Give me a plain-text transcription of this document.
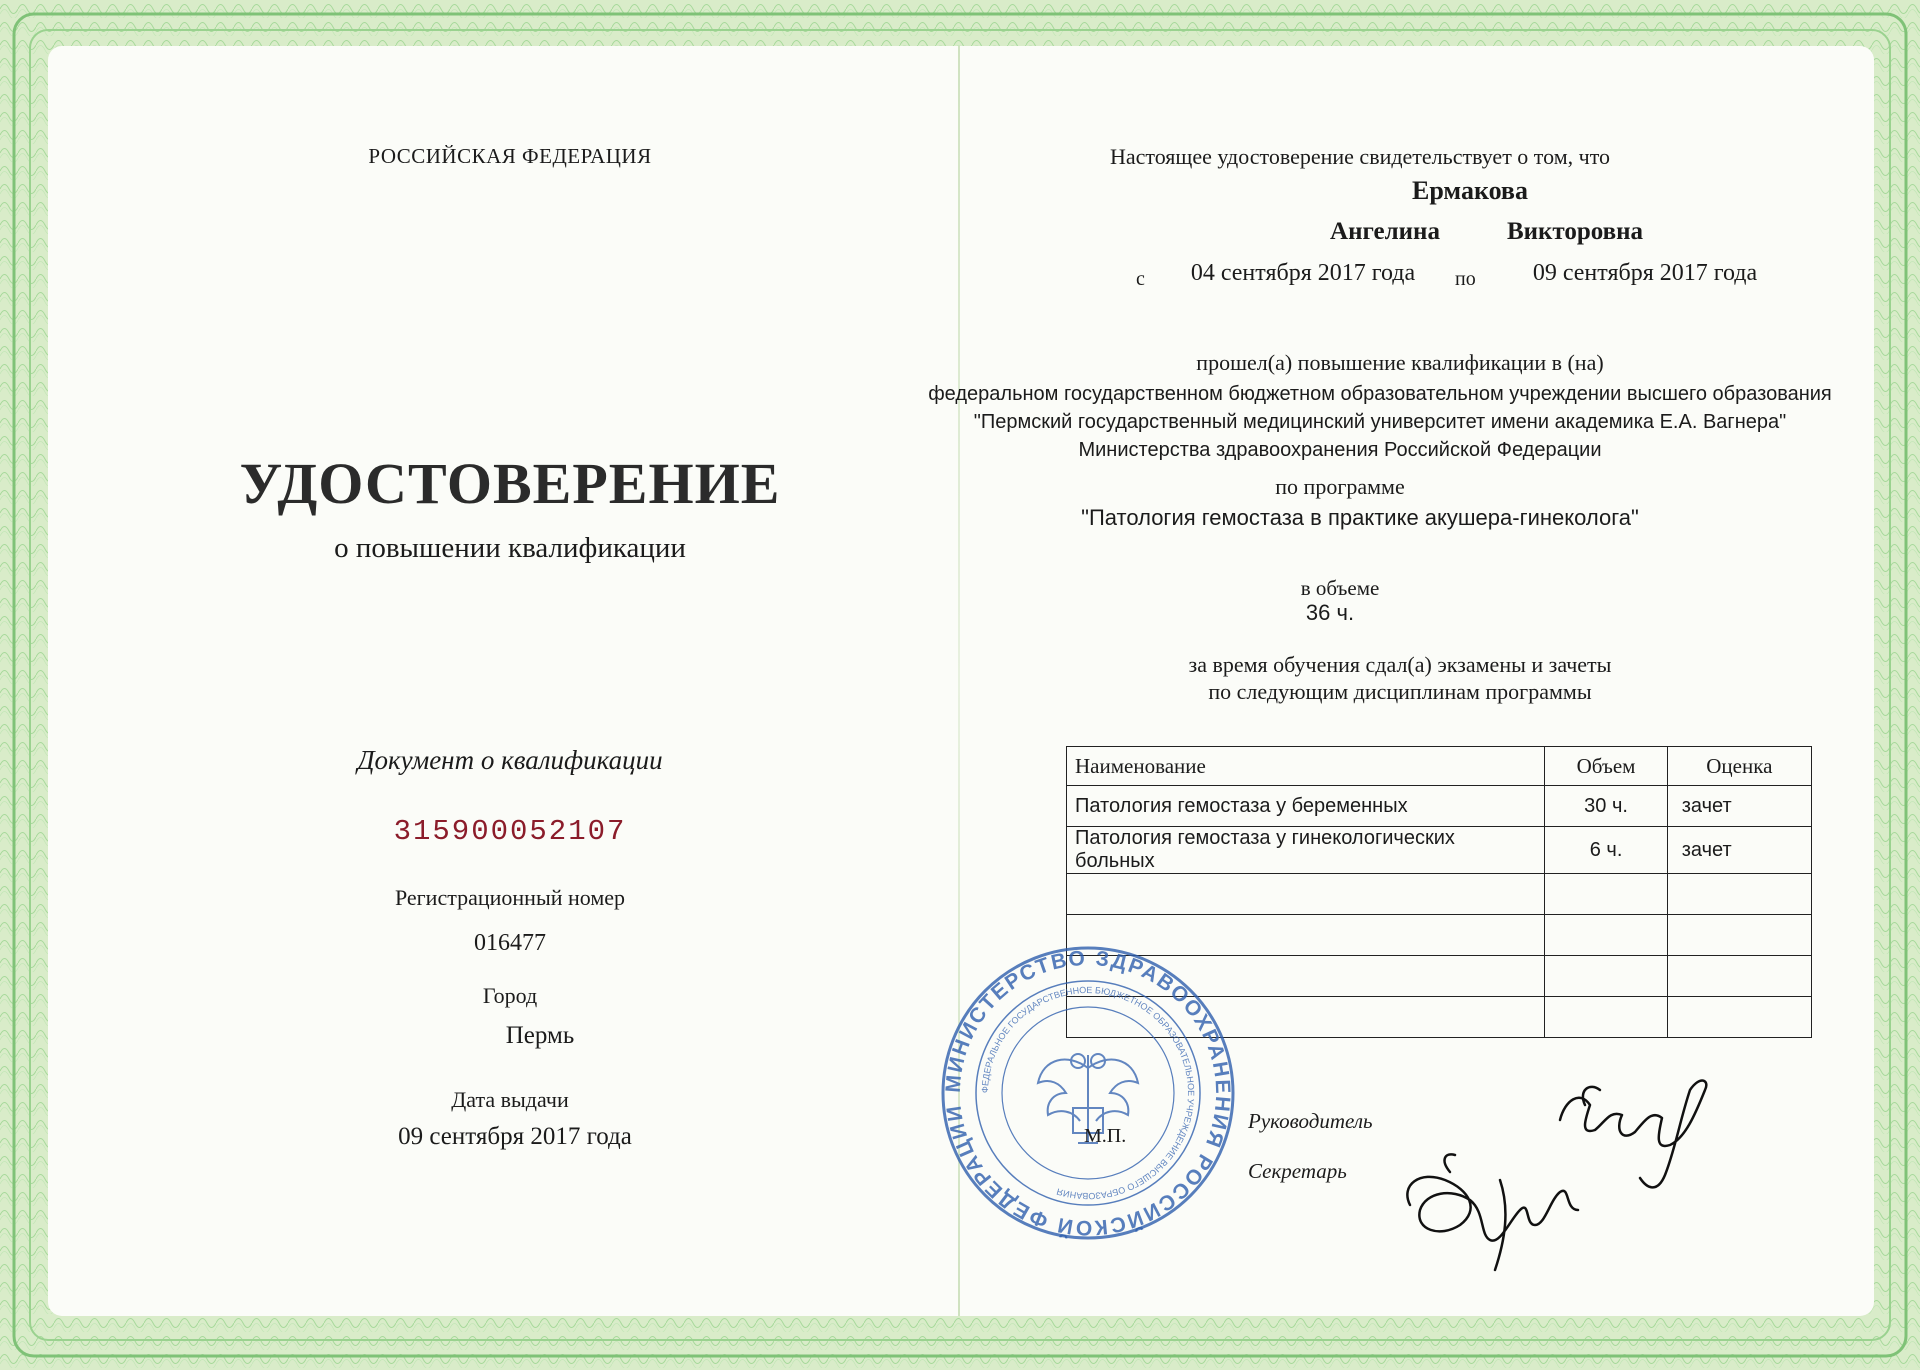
РОССИЙСКАЯ ФЕДЕРАЦИЯ
УДОСТОВЕРЕНИЕ
о повышении квалификации
Документ о квалификации
315900052107
Регистрационный номер
016477
Город
Пермь
Дата выдачи
09 сентября 2017 года
Настоящее удостоверение свидетельствует о том, что
Ермакова
Ангелина	Викторовна
с	04 сентября 2017 года	по	09 сентября 2017 года
прошел(а) повышение квалификации в (на)
федеральном государственном бюджетном образовательном учреждении высшего образования
"Пермский государственный медицинский университет имени академика Е.А. Вагнера"
Министерства здравоохранения Российской Федерации
по программе
"Патология гемостаза в практике акушера-гинеколога"
в объеме
36 ч.
за время обучения сдал(а) экзамены и зачеты
по следующим дисциплинам программы
Наименование	Объем	Оценка
Патология гемостаза у беременных	30 ч.	зачет
Патология гемостаза у гинекологических больных	6 ч.	зачет

МИНИСТЕРСТВО ЗДРАВООХРАНЕНИЯ РОССИЙСКОЙ ФЕДЕРАЦИИ
ФЕДЕРАЛЬНОЕ ГОСУДАРСТВЕННОЕ БЮДЖЕТНОЕ ОБРАЗОВАТЕЛЬНОЕ УЧРЕЖДЕНИЕ ВЫСШЕГО ОБРАЗОВАНИЯ
М.П.
Руководитель
Секретарь
